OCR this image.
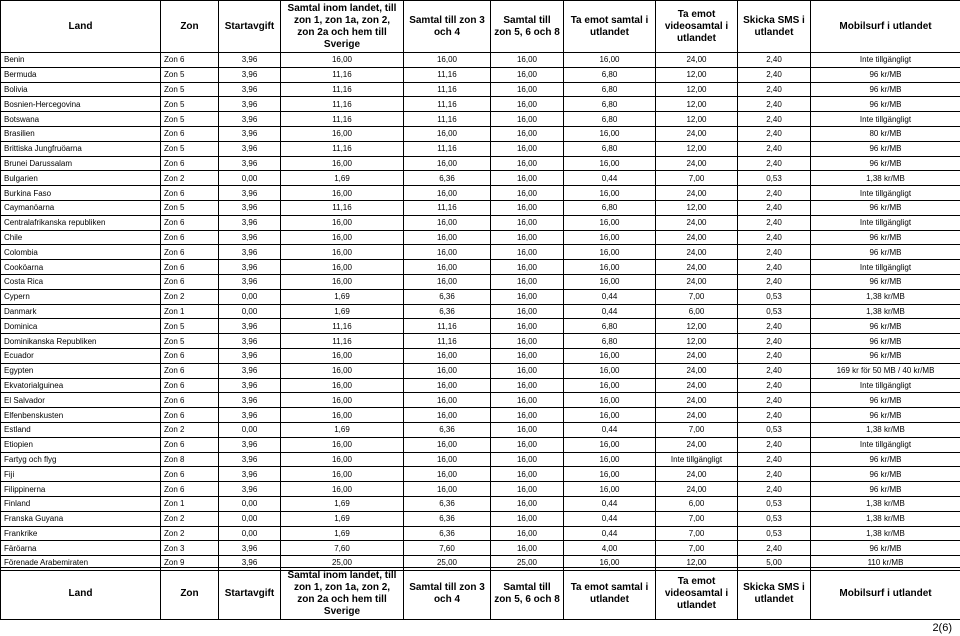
Land	Zon	Startavgift	Samtal inom landet, till zon 1, zon 1a, zon 2, zon 2a och hem till Sverige	Samtal till zon 3 och 4	Samtal till zon 5, 6 och 8	Ta emot samtal i utlandet	Ta emot videosamtal i utlandet	Skicka SMS i utlandet	Mobilsurf i utlandet
Benin	Zon 6	3,96	16,00	16,00	16,00	16,00	24,00	2,40	Inte tillgängligt
Bermuda	Zon 5	3,96	11,16	11,16	16,00	6,80	12,00	2,40	96 kr/MB
Bolivia	Zon 5	3,96	11,16	11,16	16,00	6,80	12,00	2,40	96 kr/MB
Bosnien-Hercegovina	Zon 5	3,96	11,16	11,16	16,00	6,80	12,00	2,40	96 kr/MB
Botswana	Zon 5	3,96	11,16	11,16	16,00	6,80	12,00	2,40	Inte tillgängligt
Brasilien	Zon 6	3,96	16,00	16,00	16,00	16,00	24,00	2,40	80 kr/MB
Brittiska Jungfruöarna	Zon 5	3,96	11,16	11,16	16,00	6,80	12,00	2,40	96 kr/MB
Brunei Darussalam	Zon 6	3,96	16,00	16,00	16,00	16,00	24,00	2,40	96 kr/MB
Bulgarien	Zon 2	0,00	1,69	6,36	16,00	0,44	7,00	0,53	1,38 kr/MB
Burkina Faso	Zon 6	3,96	16,00	16,00	16,00	16,00	24,00	2,40	Inte tillgängligt
Caymanöarna	Zon 5	3,96	11,16	11,16	16,00	6,80	12,00	2,40	96 kr/MB
Centralafrikanska republiken	Zon 6	3,96	16,00	16,00	16,00	16,00	24,00	2,40	Inte tillgängligt
Chile	Zon 6	3,96	16,00	16,00	16,00	16,00	24,00	2,40	96 kr/MB
Colombia	Zon 6	3,96	16,00	16,00	16,00	16,00	24,00	2,40	96 kr/MB
Cooköarna	Zon 6	3,96	16,00	16,00	16,00	16,00	24,00	2,40	Inte tillgängligt
Costa Rica	Zon 6	3,96	16,00	16,00	16,00	16,00	24,00	2,40	96 kr/MB
Cypern	Zon 2	0,00	1,69	6,36	16,00	0,44	7,00	0,53	1,38 kr/MB
Danmark	Zon 1	0,00	1,69	6,36	16,00	0,44	6,00	0,53	1,38 kr/MB
Dominica	Zon 5	3,96	11,16	11,16	16,00	6,80	12,00	2,40	96 kr/MB
Dominikanska Republiken	Zon 5	3,96	11,16	11,16	16,00	6,80	12,00	2,40	96 kr/MB
Ecuador	Zon 6	3,96	16,00	16,00	16,00	16,00	24,00	2,40	96 kr/MB
Egypten	Zon 6	3,96	16,00	16,00	16,00	16,00	24,00	2,40	169 kr för 50 MB / 40 kr/MB
Ekvatorialguinea	Zon 6	3,96	16,00	16,00	16,00	16,00	24,00	2,40	Inte tillgängligt
El Salvador	Zon 6	3,96	16,00	16,00	16,00	16,00	24,00	2,40	96 kr/MB
Elfenbenskusten	Zon 6	3,96	16,00	16,00	16,00	16,00	24,00	2,40	96 kr/MB
Estland	Zon 2	0,00	1,69	6,36	16,00	0,44	7,00	0,53	1,38 kr/MB
Etiopien	Zon 6	3,96	16,00	16,00	16,00	16,00	24,00	2,40	Inte tillgängligt
Fartyg och flyg	Zon 8	3,96	16,00	16,00	16,00	16,00	Inte tillgängligt	2,40	96 kr/MB
Fiji	Zon 6	3,96	16,00	16,00	16,00	16,00	24,00	2,40	96 kr/MB
Filippinerna	Zon 6	3,96	16,00	16,00	16,00	16,00	24,00	2,40	96 kr/MB
Finland	Zon 1	0,00	1,69	6,36	16,00	0,44	6,00	0,53	1,38 kr/MB
Franska Guyana	Zon 2	0,00	1,69	6,36	16,00	0,44	7,00	0,53	1,38 kr/MB
Frankrike	Zon 2	0,00	1,69	6,36	16,00	0,44	7,00	0,53	1,38 kr/MB
Färöarna	Zon 3	3,96	7,60	7,60	16,00	4,00	7,00	2,40	96 kr/MB
Förenade Arabemiraten	Zon 9	3,96	25,00	25,00	25,00	16,00	12,00	5,00	110 kr/MB
Land	Zon	Startavgift	Samtal inom landet, till zon 1, zon 1a, zon 2, zon 2a och hem till Sverige	Samtal till zon 3 och 4	Samtal till zon 5, 6 och 8	Ta emot samtal i utlandet	Ta emot videosamtal i utlandet	Skicka SMS i utlandet	Mobilsurf i utlandet
2(6)
